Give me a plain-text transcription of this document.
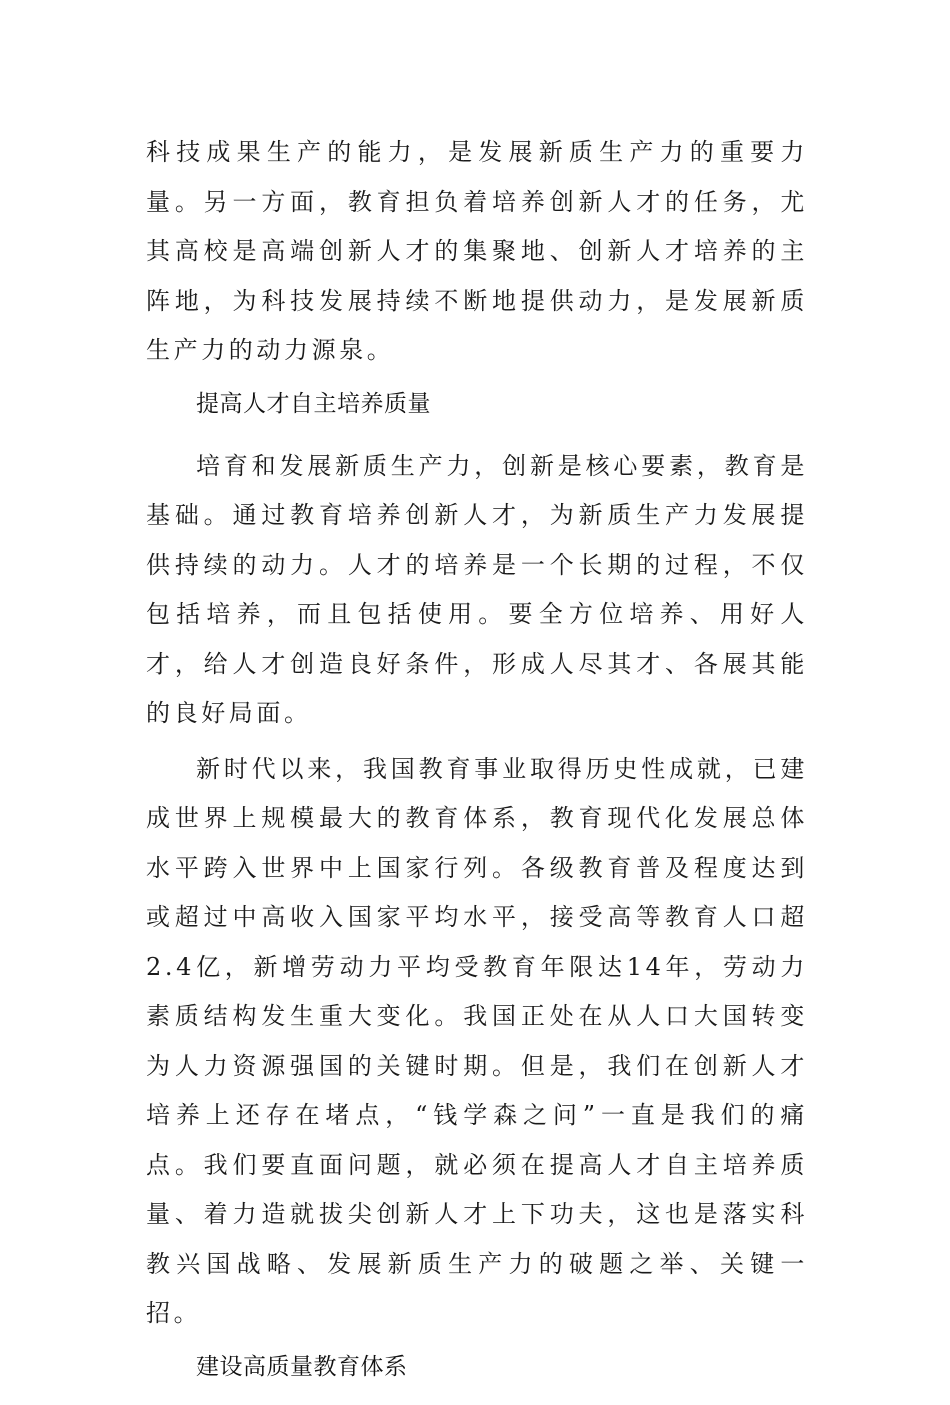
科技成果生产的能力，是发展新质生产力的重要力量。另一方面，教育担负着培养创新人才的任务，尤其高校是高端创新人才的集聚地、创新人才培养的主阵地，为科技发展持续不断地提供动力，是发展新质生产力的动力源泉。

提高人才自主培养质量

培育和发展新质生产力，创新是核心要素，教育是基础。通过教育培养创新人才，为新质生产力发展提供持续的动力。人才的培养是一个长期的过程，不仅包括培养，而且包括使用。要全方位培养、用好人才，给人才创造良好条件，形成人尽其才、各展其能的良好局面。

新时代以来，我国教育事业取得历史性成就，已建成世界上规模最大的教育体系，教育现代化发展总体水平跨入世界中上国家行列。各级教育普及程度达到或超过中高收入国家平均水平，接受高等教育人口超2.4亿，新增劳动力平均受教育年限达14年，劳动力素质结构发生重大变化。我国正处在从人口大国转变为人力资源强国的关键时期。但是，我们在创新人才培养上还存在堵点，“钱学森之问”一直是我们的痛点。我们要直面问题，就必须在提高人才自主培养质量、着力造就拔尖创新人才上下功夫，这也是落实科教兴国战略、发展新质生产力的破题之举、关键一招。

建设高质量教育体系
